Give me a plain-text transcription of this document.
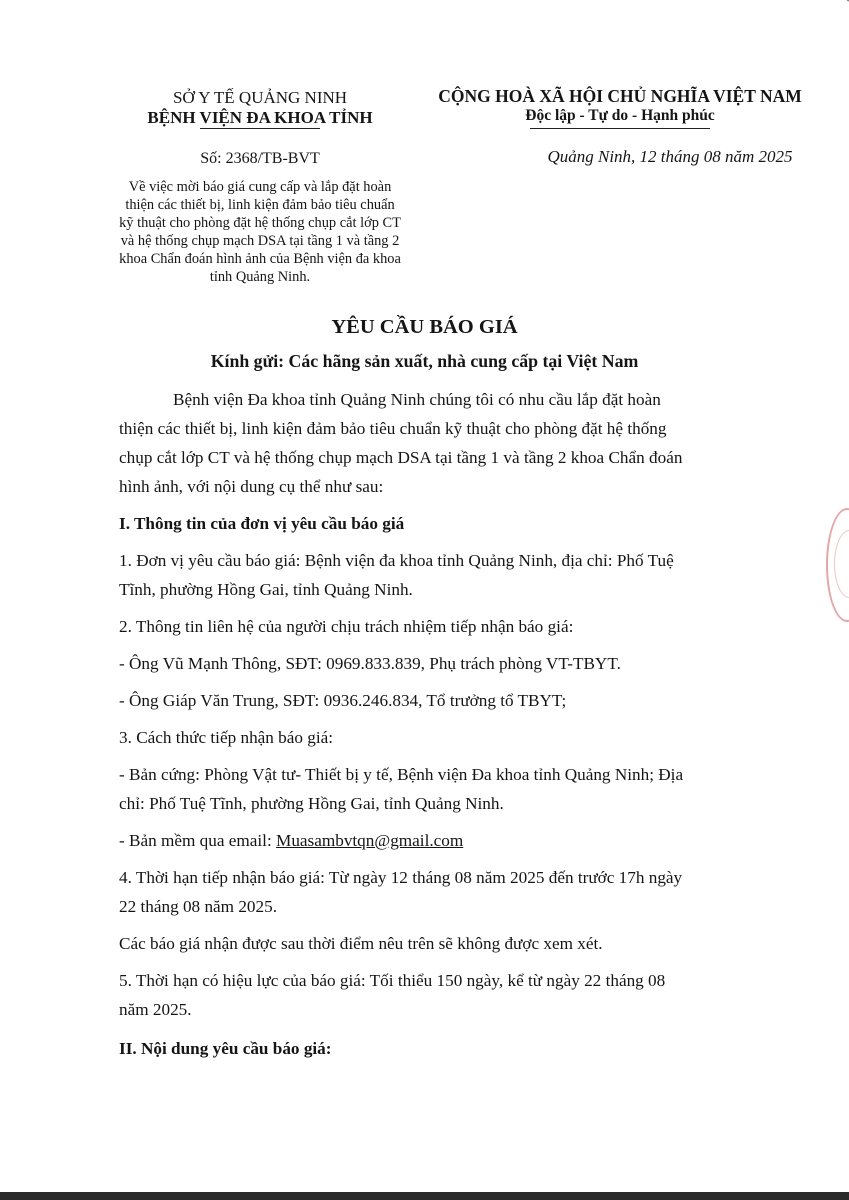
SỞ Y TẾ QUẢNG NINH
BỆNH VIỆN ĐA KHOA TỈNH
CỘNG HOÀ XÃ HỘI CHỦ NGHĨA VIỆT NAM
Độc lập - Tự do - Hạnh phúc
Số: 2368/TB-BVT	Quảng Ninh, 12 tháng 08 năm 2025
Về việc mời báo giá cung cấp và lắp đặt hoàn
thiện các thiết bị, linh kiện đảm bảo tiêu chuẩn
kỹ thuật cho phòng đặt hệ thống chụp cắt lớp CT
và hệ thống chụp mạch DSA tại tầng 1 và tầng 2
khoa Chẩn đoán hình ảnh của Bệnh viện đa khoa
tỉnh Quảng Ninh.
YÊU CẦU BÁO GIÁ
Kính gửi: Các hãng sản xuất, nhà cung cấp tại Việt Nam
Bệnh viện Đa khoa tỉnh Quảng Ninh chúng tôi có nhu cầu lắp đặt hoàn
thiện các thiết bị, linh kiện đảm bảo tiêu chuẩn kỹ thuật cho phòng đặt hệ thống
chụp cắt lớp CT và hệ thống chụp mạch DSA tại tầng 1 và tầng 2 khoa Chẩn đoán
hình ảnh, với nội dung cụ thể như sau:
I. Thông tin của đơn vị yêu cầu báo giá
1. Đơn vị yêu cầu báo giá: Bệnh viện đa khoa tỉnh Quảng Ninh, địa chỉ: Phố Tuệ
Tĩnh, phường Hồng Gai, tỉnh Quảng Ninh.
2. Thông tin liên hệ của người chịu trách nhiệm tiếp nhận báo giá:
- Ông Vũ Mạnh Thông, SĐT: 0969.833.839, Phụ trách phòng VT-TBYT.
- Ông Giáp Văn Trung, SĐT: 0936.246.834, Tổ trưởng tổ TBYT;
3. Cách thức tiếp nhận báo giá:
- Bản cứng: Phòng Vật tư- Thiết bị y tế, Bệnh viện Đa khoa tỉnh Quảng Ninh; Địa
chỉ: Phố Tuệ Tĩnh, phường Hồng Gai, tỉnh Quảng Ninh.
- Bản mềm qua email: Muasambvtqn@gmail.com
4. Thời hạn tiếp nhận báo giá: Từ ngày 12 tháng 08 năm 2025 đến trước 17h ngày
22 tháng 08 năm 2025.
Các báo giá nhận được sau thời điểm nêu trên sẽ không được xem xét.
5. Thời hạn có hiệu lực của báo giá: Tối thiểu 150 ngày, kể từ ngày 22 tháng 08
năm 2025.
II. Nội dung yêu cầu báo giá:
